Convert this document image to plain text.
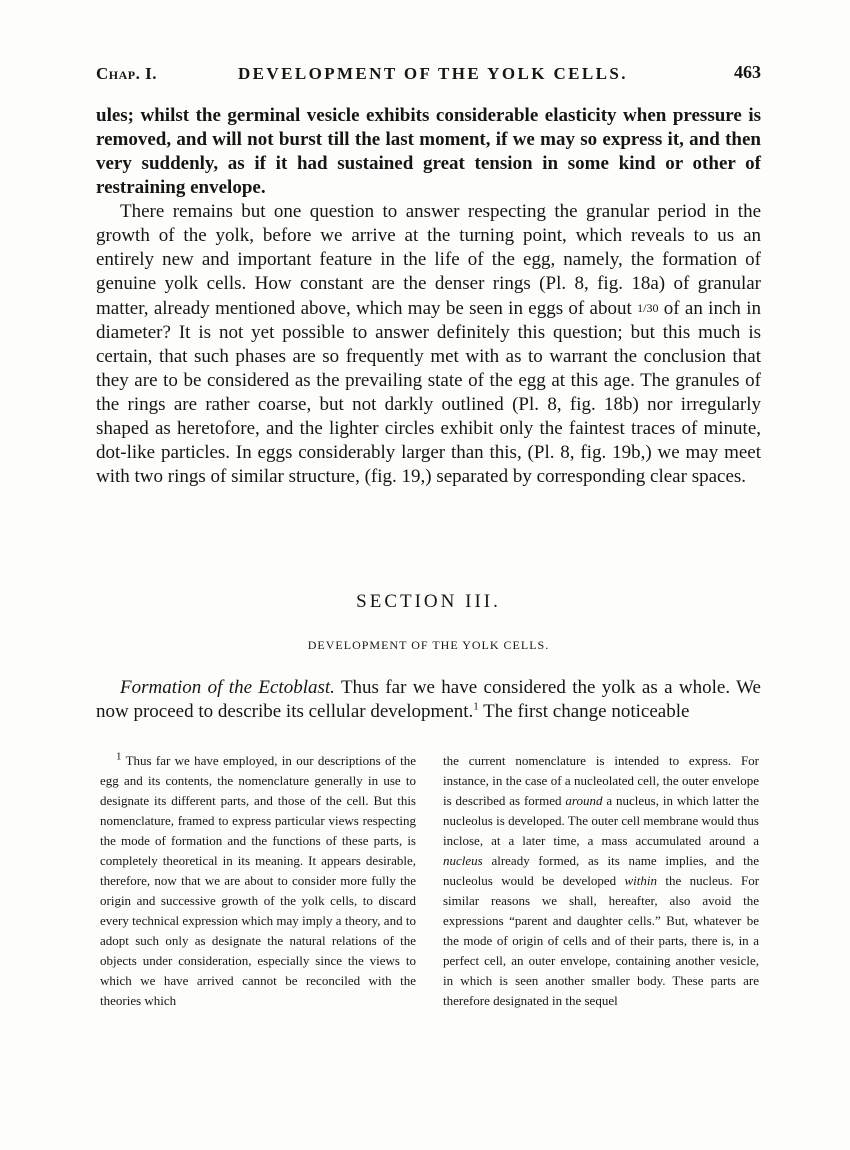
Chap. I.	DEVELOPMENT OF THE YOLK CELLS.	463

ules; whilst the germinal vesicle exhibits considerable elasticity when pressure is removed, and will not burst till the last moment, if we may so express it, and then very suddenly, as if it had sustained great tension in some kind or other of restraining envelope.

There remains but one question to answer respecting the granular period in the growth of the yolk, before we arrive at the turning point, which reveals to us an entirely new and important feature in the life of the egg, namely, the formation of genuine yolk cells. How constant are the denser rings (Pl. 8, fig. 18a) of granular matter, already mentioned above, which may be seen in eggs of about 1/30 of an inch in diameter? It is not yet possible to answer definitely this question; but this much is certain, that such phases are so frequently met with as to warrant the conclusion that they are to be considered as the prevailing state of the egg at this age. The granules of the rings are rather coarse, but not darkly outlined (Pl. 8, fig. 18b) nor irregularly shaped as heretofore, and the lighter circles exhibit only the faintest traces of minute, dot-like particles. In eggs considerably larger than this, (Pl. 8, fig. 19b,) we may meet with two rings of similar structure, (fig. 19,) separated by corresponding clear spaces.

SECTION III.
DEVELOPMENT OF THE YOLK CELLS.

Formation of the Ectoblast. Thus far we have considered the yolk as a whole. We now proceed to describe its cellular development.$^1$ The first change noticeable

$^1$ Thus far we have employed, in our descriptions of the egg and its contents, the nomenclature generally in use to designate its different parts, and those of the cell. But this nomenclature, framed to express particular views respecting the mode of formation and the functions of these parts, is completely theoretical in its meaning. It appears desirable, therefore, now that we are about to consider more fully the origin and successive growth of the yolk cells, to discard every technical expression which may imply a theory, and to adopt such only as designate the natural relations of the objects under consideration, especially since the views to which we have arrived cannot be reconciled with the theories which

the current nomenclature is intended to express. For instance, in the case of a nucleolated cell, the outer envelope is described as formed around a nucleus, in which latter the nucleolus is developed. The outer cell membrane would thus inclose, at a later time, a mass accumulated around a nucleus already formed, as its name implies, and the nucleolus would be developed within the nucleus. For similar reasons we shall, hereafter, also avoid the expressions “parent and daughter cells.” But, whatever be the mode of origin of cells and of their parts, there is, in a perfect cell, an outer envelope, containing another vesicle, in which is seen another smaller body. These parts are therefore designated in the sequel
